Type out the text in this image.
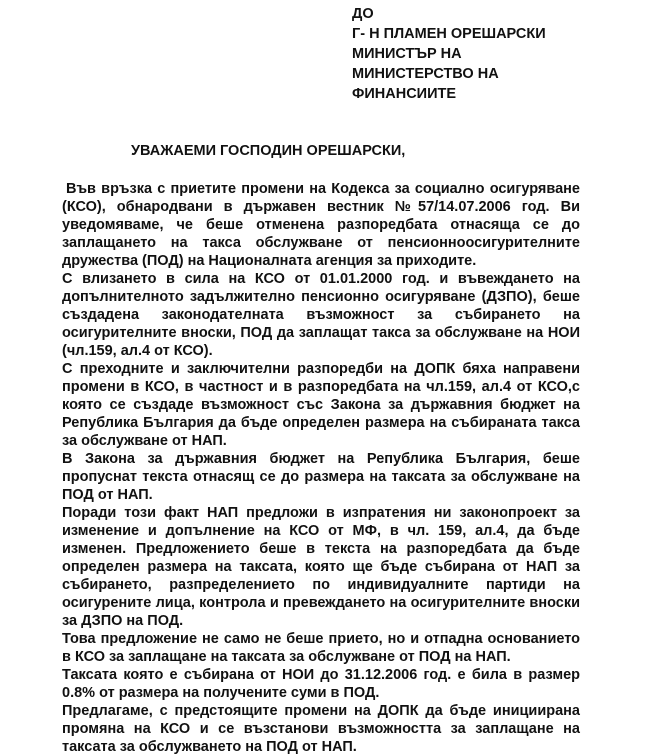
ДО
Г- Н ПЛАМЕН ОРЕШАРСКИ
МИНИСТЪР НА
МИНИСТЕРСТВО НА
ФИНАНСИИТЕ
УВАЖАЕМИ ГОСПОДИН ОРЕШАРСКИ,

Във връзка с приетите промени на Кодекса за социално осигуряване (КСО), обнародвани в държавен вестник №57/14.07.2006 год. Ви уведомяваме, че беше отменена разпоредбата отнасяща се до заплащането на такса обслужване от пенсионноосигурителните дружества (ПОД) на Националната агенция за приходите.

С влизането в сила на КСО от 01.01.2000 год. и въвеждането на допълнителното задължително пенсионно осигуряване (ДЗПО), беше създадена законодателната възможност за събирането на осигурителните вноски, ПОД да заплащат такса за обслужване на НОИ (чл.159, ал.4 от КСО).

С преходните и заключителни разпоредби на ДОПК бяха направени промени в КСО, в частност и в разпоредбата на чл.159, ал.4 от КСО,с която се създаде възможност със Закона за държавния бюджет на Република България да бъде определен размера на събираната такса за обслужване от НАП.

В Закона за държавния бюджет на Република България, беше пропуснат текста отнасящ се до размера на таксата за обслужване на ПОД от НАП.

Поради този факт НАП предложи в изпратения ни законопроект за изменение и допълнение на КСО от МФ, в чл. 159, ал.4, да бъде изменен. Предложението беше в текста на разпоредбата да бъде определен размера на таксата, която ще бъде събирана от НАП за събирането, разпределението по индивидуалните партиди на осигурените лица, контрола и превеждането на осигурителните вноски за ДЗПО на ПОД.

Това предложение не само не беше прието, но и отпадна основанието в КСО за заплащане на таксата за обслужване от ПОД на НАП.

Таксата която е събирана от НОИ до 31.12.2006 год. е била в размер 0.8% от размера на получените суми в ПОД.

Предлагаме, с предстоящите промени на ДОПК да бъде инициирана промяна на КСО и се възстанови възможността за заплащане на таксата за обслужването на ПОД от НАП.
